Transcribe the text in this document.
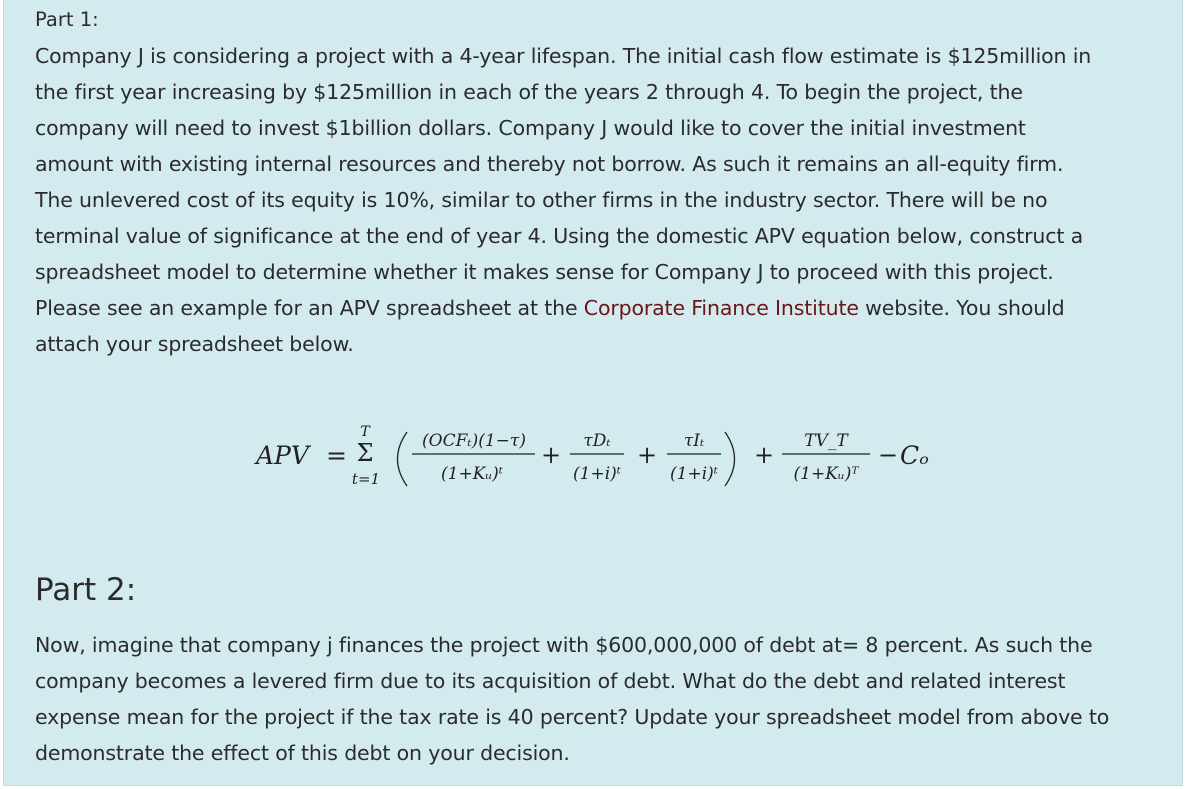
Part 1:
Company J is considering a project with a 4-year lifespan. The initial cash flow estimate is $125million in
the first year increasing by $125million in each of the years 2 through 4. To begin the project, the
company will need to invest $1billion dollars. Company J would like to cover the initial investment
amount with existing internal resources and thereby not borrow. As such it remains an all-equity firm.
The unlevered cost of its equity is 10%, similar to other firms in the industry sector. There will be no
terminal value of significance at the end of year 4. Using the domestic APV equation below, construct a
spreadsheet model to determine whether it makes sense for Company J to proceed with this project.
Please see an example for an APV spreadsheet at the Corporate Finance Institute website. You should
attach your spreadsheet below.
APV =
T
Σ
t=1
(OCFₜ)(1−τ)
(1+Kᵤ)ᵗ
+ τDₜ
(1+i)ᵗ
+ τIₜ
(1+i)ᵗ
+ TV_T
(1+Kᵤ)ᵀ
− Cₒ
Part 2:
Now, imagine that company j finances the project with $600,000,000 of debt at= 8 percent. As such the
company becomes a levered firm due to its acquisition of debt. What do the debt and related interest
expense mean for the project if the tax rate is 40 percent? Update your spreadsheet model from above to
demonstrate the effect of this debt on your decision.
